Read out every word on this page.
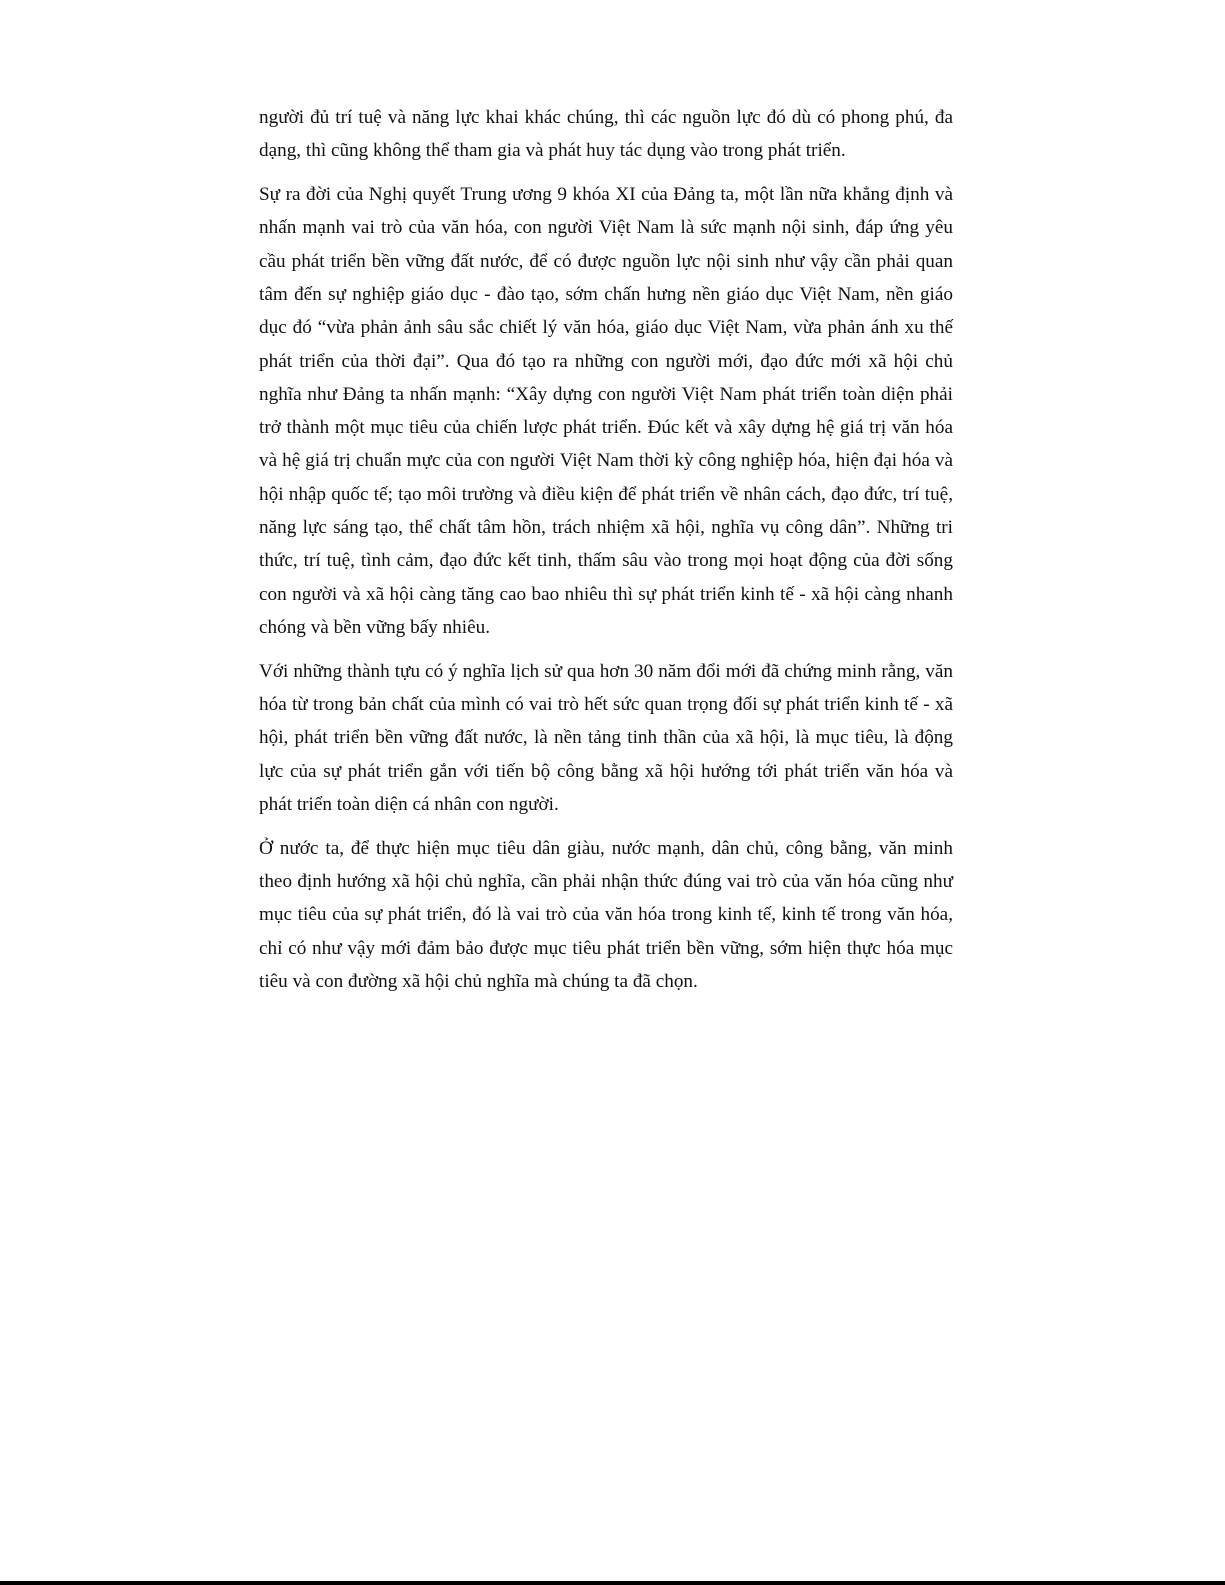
người đủ trí tuệ và năng lực khai khác chúng, thì các nguồn lực đó dù có phong phú, đa dạng, thì cũng không thể tham gia và phát huy tác dụng vào trong phát triển.

Sự ra đời của Nghị quyết Trung ương 9 khóa XI của Đảng ta, một lần nữa khẳng định và nhấn mạnh vai trò của văn hóa, con người Việt Nam là sức mạnh nội sinh, đáp ứng yêu cầu phát triển bền vững đất nước, để có được nguồn lực nội sinh như vậy cần phải quan tâm đến sự nghiệp giáo dục - đào tạo, sớm chấn hưng nền giáo dục Việt Nam, nền giáo dục đó “vừa phản ảnh sâu sắc chiết lý văn hóa, giáo dục Việt Nam, vừa phản ánh xu thế phát triển của thời đại”. Qua đó tạo ra những con người mới, đạo đức mới xã hội chủ nghĩa như Đảng ta nhấn mạnh: “Xây dựng con người Việt Nam phát triển toàn diện phải trở thành một mục tiêu của chiến lược phát triển. Đúc kết và xây dựng hệ giá trị văn hóa và hệ giá trị chuẩn mực của con người Việt Nam thời kỳ công nghiệp hóa, hiện đại hóa và hội nhập quốc tế; tạo môi trường và điều kiện để phát triển về nhân cách, đạo đức, trí tuệ, năng lực sáng tạo, thể chất tâm hồn, trách nhiệm xã hội, nghĩa vụ công dân”. Những tri thức, trí tuệ, tình cảm, đạo đức kết tinh, thấm sâu vào trong mọi hoạt động của đời sống con người và xã hội càng tăng cao bao nhiêu thì sự phát triển kinh tế - xã hội càng nhanh chóng và bền vững bấy nhiêu.

Với những thành tựu có ý nghĩa lịch sử qua hơn 30 năm đổi mới đã chứng minh rằng, văn hóa từ trong bản chất của mình có vai trò hết sức quan trọng đối sự phát triển kinh tế - xã hội, phát triển bền vững đất nước, là nền tảng tinh thần của xã hội, là mục tiêu, là động lực của sự phát triển gắn với tiến bộ công bằng xã hội hướng tới phát triển văn hóa và phát triển toàn diện cá nhân con người.

Ở nước ta, để thực hiện mục tiêu dân giàu, nước mạnh, dân chủ, công bằng, văn minh theo định hướng xã hội chủ nghĩa, cần phải nhận thức đúng vai trò của văn hóa cũng như mục tiêu của sự phát triển, đó là vai trò của văn hóa trong kinh tế, kinh tế trong văn hóa, chỉ có như vậy mới đảm bảo được mục tiêu phát triển bền vững, sớm hiện thực hóa mục tiêu và con đường xã hội chủ nghĩa mà chúng ta đã chọn.
